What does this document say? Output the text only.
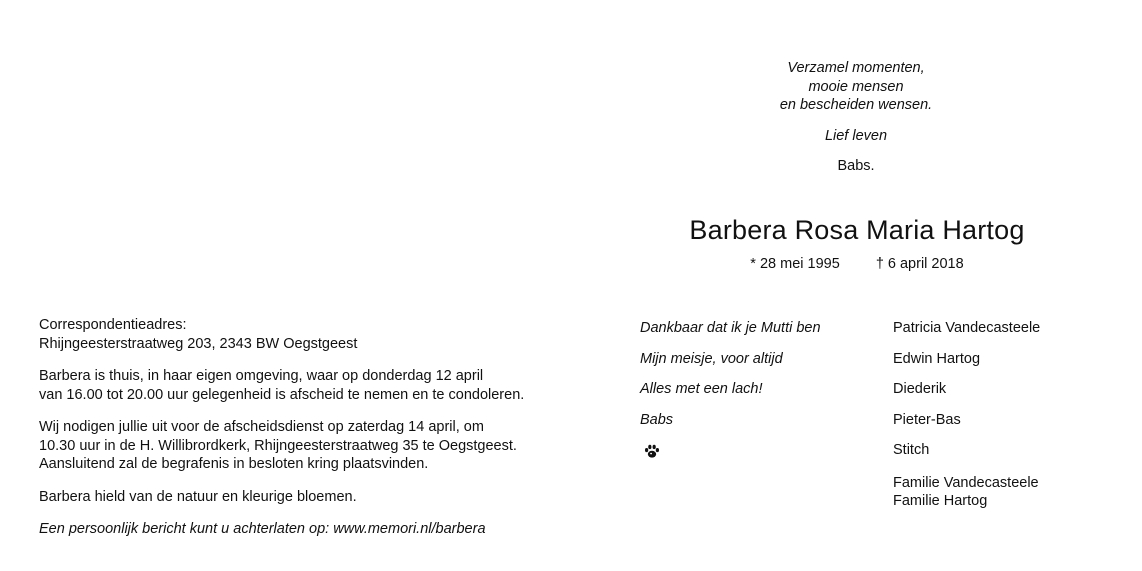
Verzamel momenten,
mooie mensen
en bescheiden wensen.
Lief leven
Babs.
Barbera Rosa Maria Hartog
* 28 mei 1995 † 6 april 2018

Correspondentieadres:

Rhijngeesterstraatweg 203, 2343 BW Oegstgeest

Barbera is thuis, in haar eigen omgeving, waar op donderdag 12 april

van 16.00 tot 20.00 uur gelegenheid is afscheid te nemen en te condoleren.

Wij nodigen jullie uit voor de afscheidsdienst op zaterdag 14 april, om

10.30 uur in de H. Willibrordkerk, Rhijngeesterstraatweg 35 te Oegstgeest.

Aansluitend zal de begrafenis in besloten kring plaatsvinden.

Barbera hield van de natuur en kleurige bloemen.

Een persoonlijk bericht kunt u achterlaten op: www.memori.nl/barbera

Dankbaar dat ik je Mutti ben
Mijn meisje, voor altijd
Alles met een lach!
Babs
Patricia Vandecasteele
Edwin Hartog
Diederik
Pieter-Bas
Stitch
Familie Vandecasteele
Familie Hartog
